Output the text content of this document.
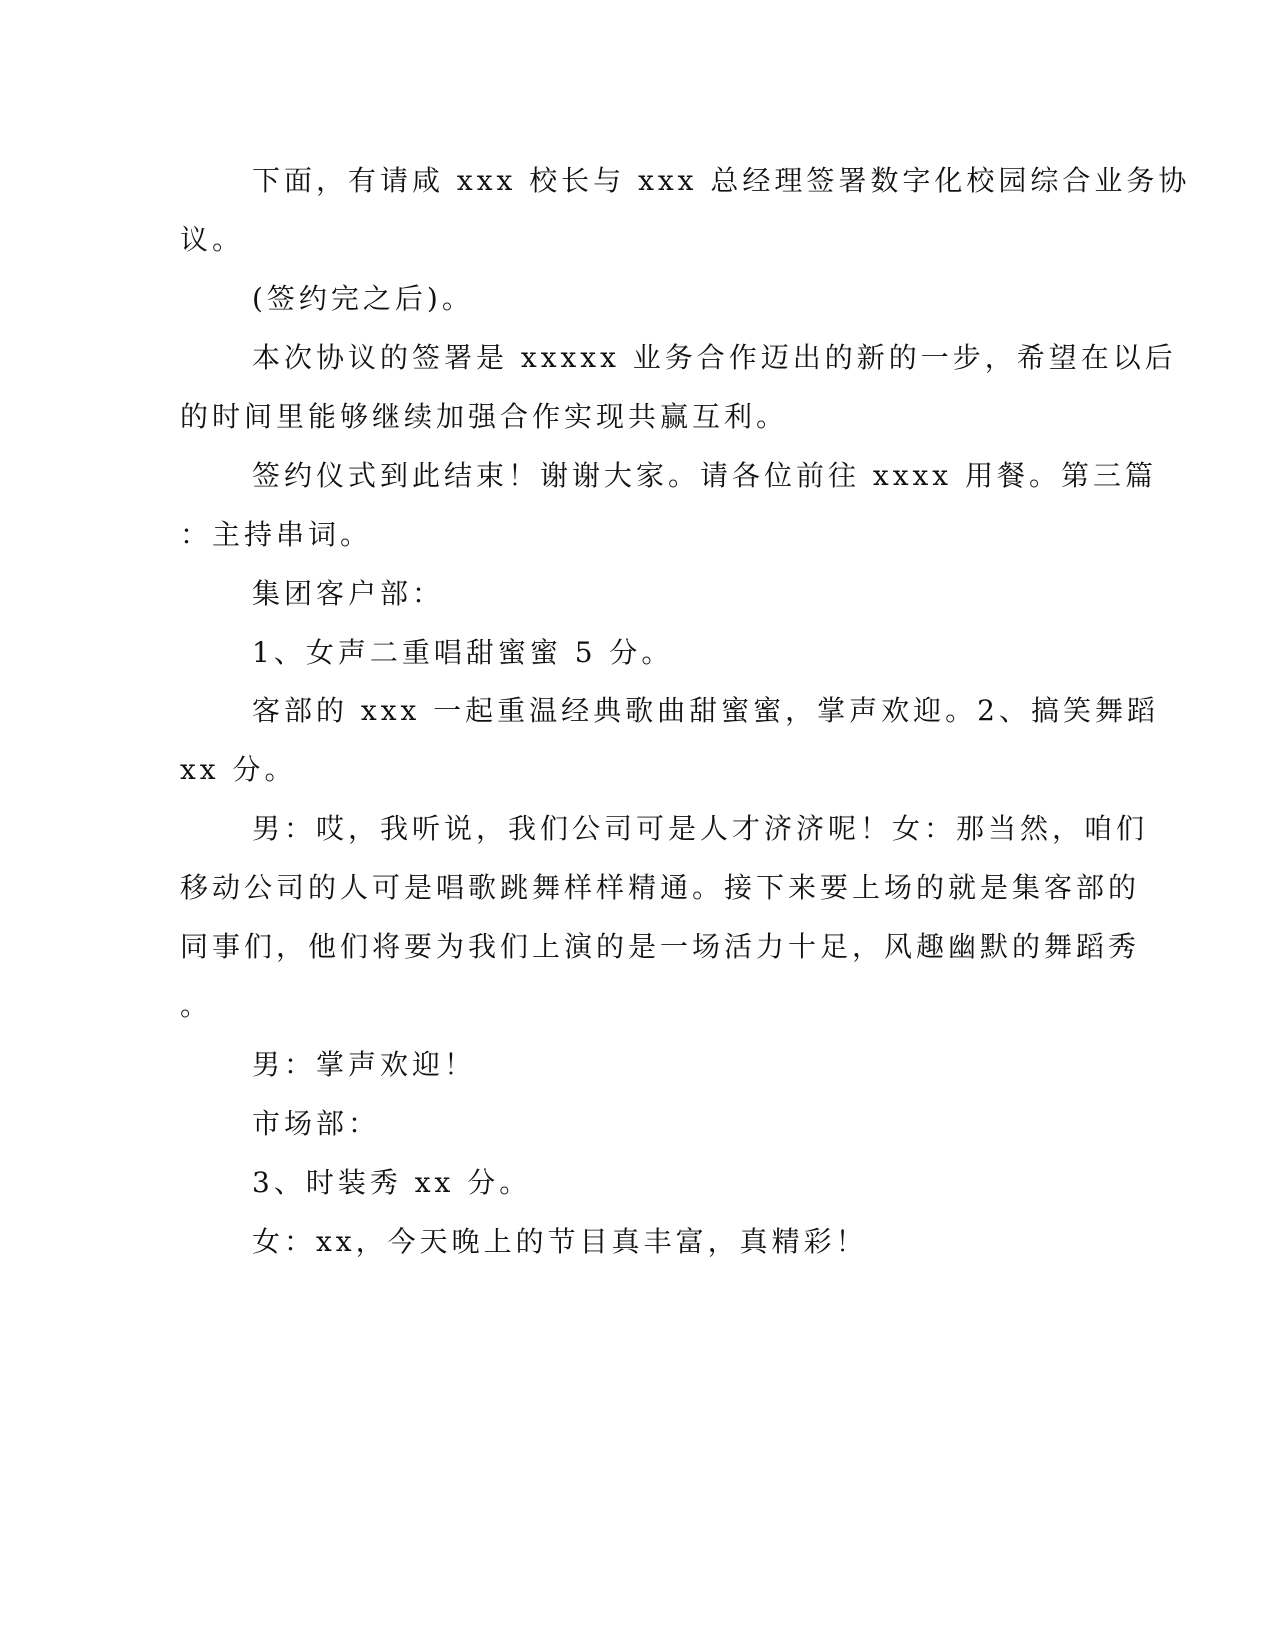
下面，有请咸 xxx 校长与 xxx 总经理签署数字化校园综合业务协
议。
(签约完之后)。
本次协议的签署是 xxxxx 业务合作迈出的新的一步，希望在以后
的时间里能够继续加强合作实现共赢互利。
签约仪式到此结束！谢谢大家。请各位前往 xxxx 用餐。第三篇
：主持串词。
集团客户部：
1、女声二重唱甜蜜蜜 5 分。
客部的 xxx 一起重温经典歌曲甜蜜蜜，掌声欢迎。2、搞笑舞蹈
xx 分。
男：哎，我听说，我们公司可是人才济济呢！女：那当然，咱们
移动公司的人可是唱歌跳舞样样精通。接下来要上场的就是集客部的
同事们，他们将要为我们上演的是一场活力十足，风趣幽默的舞蹈秀
。
男：掌声欢迎！
市场部：
3、时装秀 xx 分。
女：xx，今天晚上的节目真丰富，真精彩！
